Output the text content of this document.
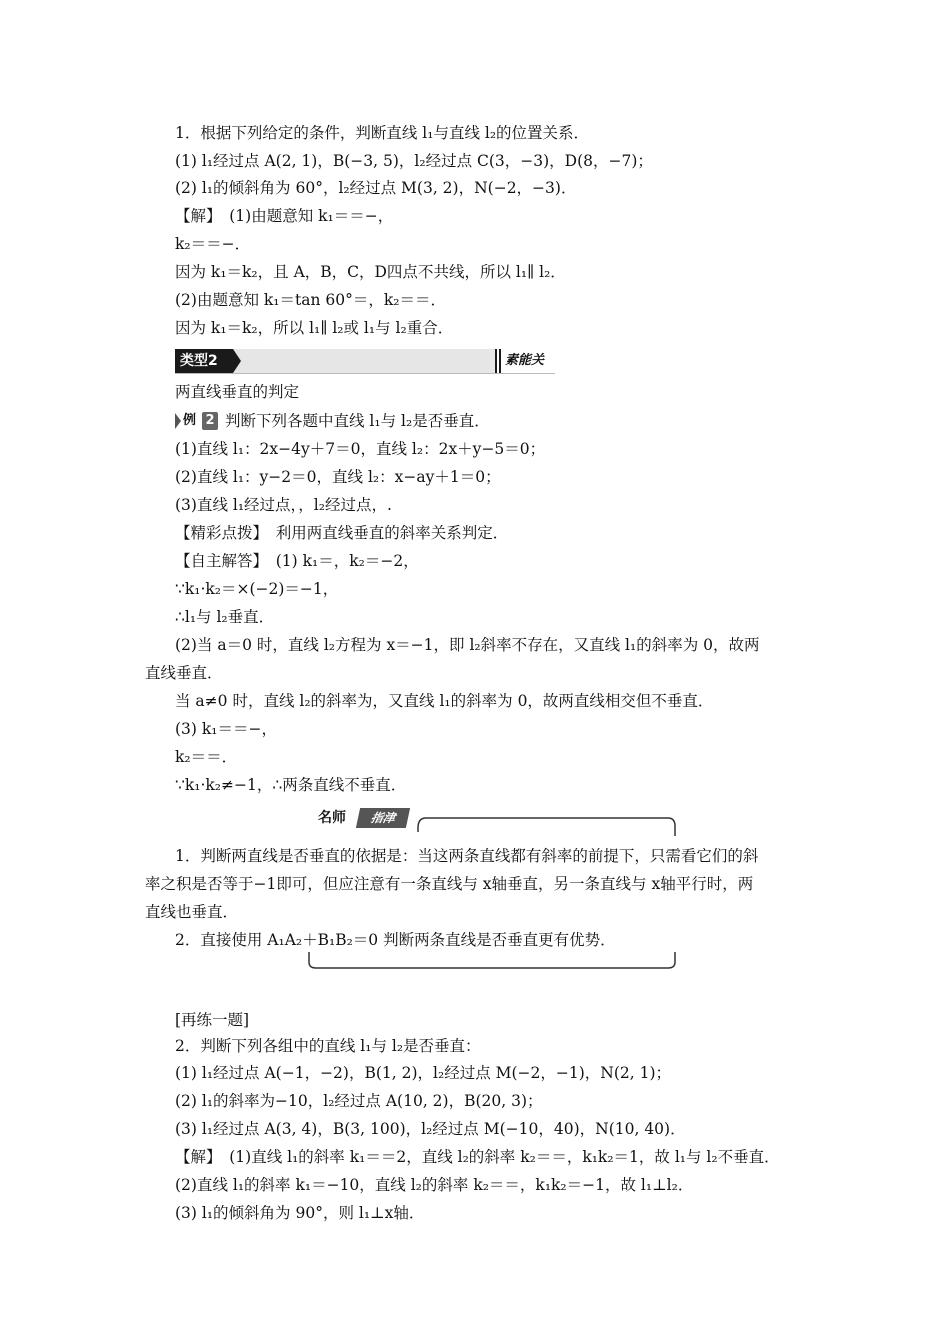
1．根据下列给定的条件，判断直线 l₁与直线 l₂的位置关系．
(1) l₁经过点 A(2, 1)，B(−3, 5)，l₂经过点 C(3，−3)，D(8，−7)；
(2) l₁的倾斜角为 60°，l₂经过点 M(3, 2)，N(−2，−3)．
【解】　(1)由题意知 k₁＝＝−，
k₂＝＝−．
因为 k₁＝k₂，且 A，B，C，D四点不共线，所以 l₁∥ l₂．
(2)由题意知 k₁＝tan 60°＝，k₂＝＝．
因为 k₁＝k₂，所以 l₁∥ l₂或 l₁与 l₂重合．
类型2	素能关
两直线垂直的判定
例 2 判断下列各题中直线 l₁与 l₂是否垂直．
(1)直线 l₁：2x−4y＋7＝0，直线 l₂：2x＋y−5＝0；
(2)直线 l₁：y−2＝0，直线 l₂：x−ay＋1＝0；
(3)直线 l₁经过点，，l₂经过点，.
【精彩点拨】　利用两直线垂直的斜率关系判定．
【自主解答】　(1) k₁＝，k₂＝−2，
∵k₁·k₂＝×(−2)＝−1，
∴l₁与 l₂垂直．
(2)当 a＝0 时，直线 l₂方程为 x＝−1，即 l₂斜率不存在，又直线 l₁的斜率为 0，故两
直线垂直．
当 a≠0 时，直线 l₂的斜率为，又直线 l₁的斜率为 0，故两直线相交但不垂直．
(3) k₁＝＝−，
k₂＝＝．
∵k₁·k₂≠−1，∴两条直线不垂直．
名师	指津
1．判断两直线是否垂直的依据是：当这两条直线都有斜率的前提下，只需看它们的斜
率之积是否等于−1即可，但应注意有一条直线与 x轴垂直，另一条直线与 x轴平行时，两
直线也垂直．
2．直接使用 A₁A₂＋B₁B₂＝0 判断两条直线是否垂直更有优势．
[再练一题]
2．判断下列各组中的直线 l₁与 l₂是否垂直：
(1) l₁经过点 A(−1，−2)，B(1, 2)，l₂经过点 M(−2，−1)，N(2, 1)；
(2) l₁的斜率为−10，l₂经过点 A(10, 2)，B(20, 3)；
(3) l₁经过点 A(3, 4)，B(3, 100)，l₂经过点 M(−10，40)，N(10, 40)．
【解】　(1)直线 l₁的斜率 k₁＝＝2，直线 l₂的斜率 k₂＝＝，k₁k₂＝1，故 l₁与 l₂不垂直．
(2)直线 l₁的斜率 k₁＝−10，直线 l₂的斜率 k₂＝＝，k₁k₂＝−1，故 l₁⊥l₂．
(3) l₁的倾斜角为 90°，则 l₁⊥x轴．
